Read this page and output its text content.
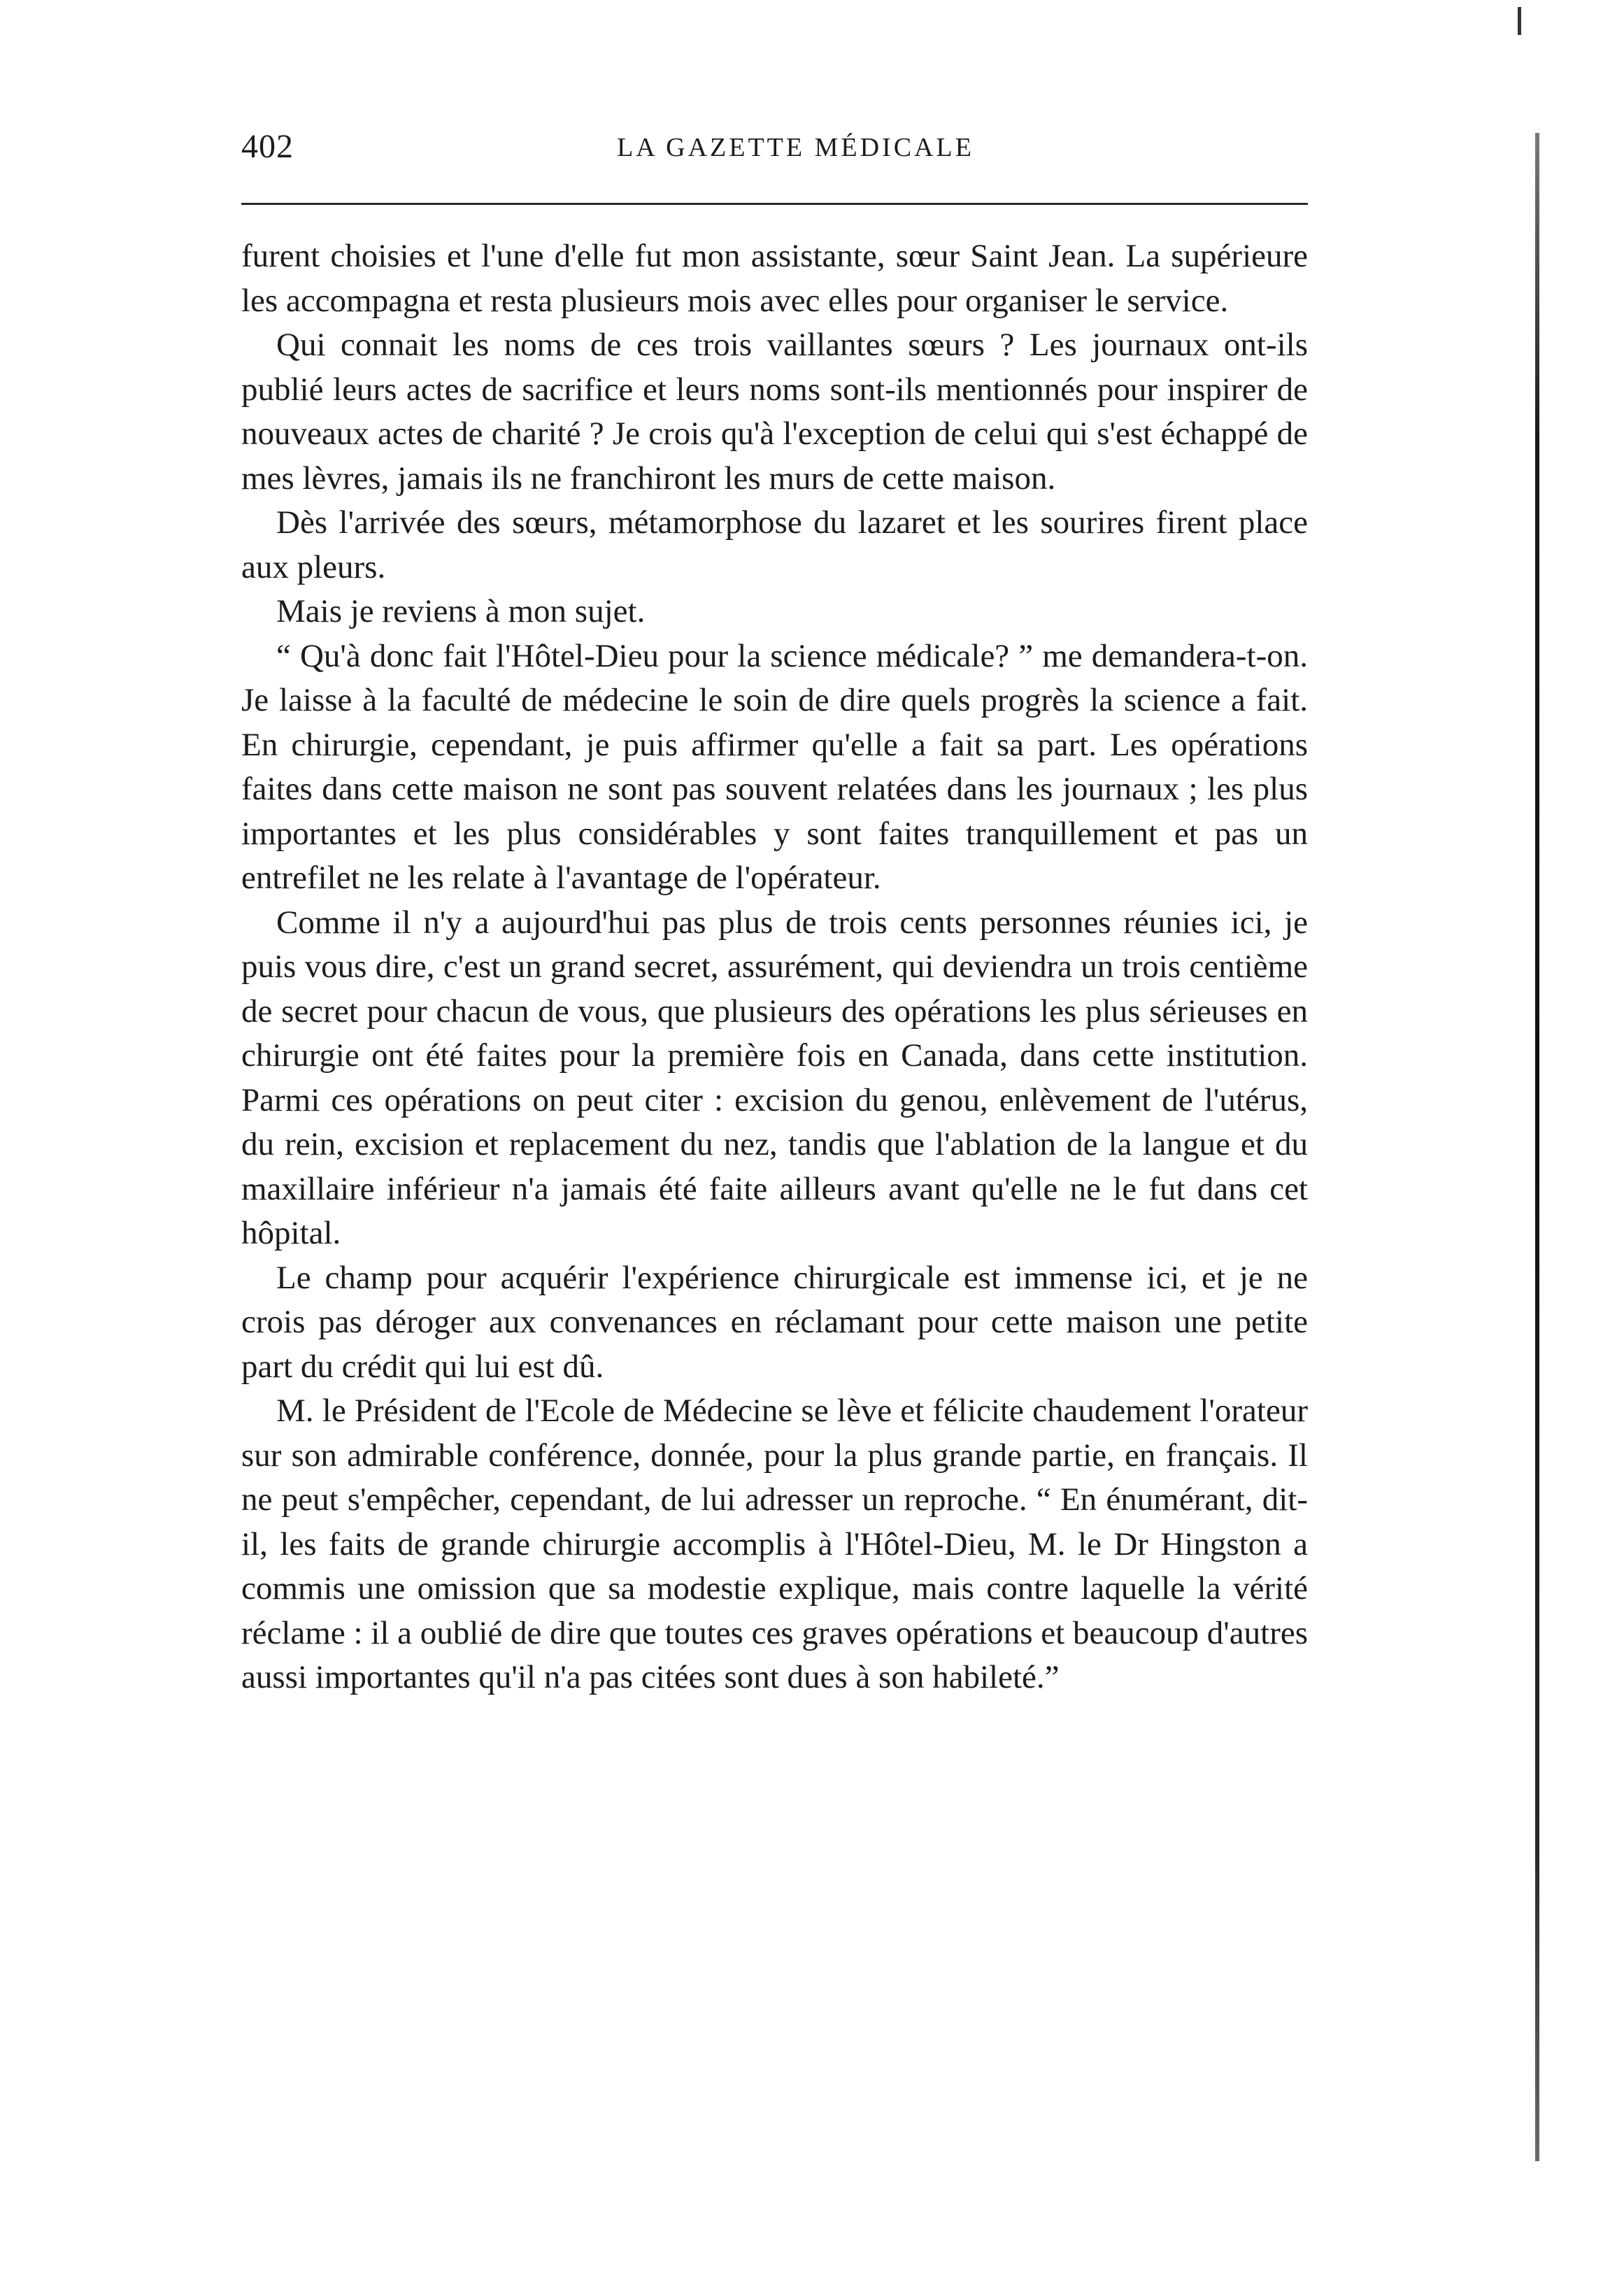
402	LA GAZETTE MÉDICALE

furent choisies et l'une d'elle fut mon assistante, sœur Saint Jean. La supérieure les accompagna et resta plusieurs mois avec elles pour organiser le service.

Qui connait les noms de ces trois vaillantes sœurs ? Les journaux ont-ils publié leurs actes de sacrifice et leurs noms sont-ils mentionnés pour inspirer de nouveaux actes de charité ? Je crois qu'à l'exception de celui qui s'est échappé de mes lèvres, jamais ils ne franchiront les murs de cette maison.

Dès l'arrivée des sœurs, métamorphose du lazaret et les sourires firent place aux pleurs.

Mais je reviens à mon sujet.

“ Qu'à donc fait l'Hôtel-Dieu pour la science médicale? ” me demandera-t-on. Je laisse à la faculté de médecine le soin de dire quels progrès la science a fait. En chirurgie, cependant, je puis affirmer qu'elle a fait sa part. Les opérations faites dans cette maison ne sont pas souvent relatées dans les journaux ; les plus importantes et les plus considérables y sont faites tranquillement et pas un entrefilet ne les relate à l'avantage de l'opérateur.

Comme il n'y a aujourd'hui pas plus de trois cents personnes réunies ici, je puis vous dire, c'est un grand secret, assurément, qui deviendra un trois centième de secret pour chacun de vous, que plusieurs des opérations les plus sérieuses en chirurgie ont été faites pour la première fois en Canada, dans cette institution. Parmi ces opérations on peut citer : excision du genou, enlèvement de l'utérus, du rein, excision et replacement du nez, tandis que l'ablation de la langue et du maxillaire inférieur n'a jamais été faite ailleurs avant qu'elle ne le fut dans cet hôpital.

Le champ pour acquérir l'expérience chirurgicale est immense ici, et je ne crois pas déroger aux convenances en réclamant pour cette maison une petite part du crédit qui lui est dû.

M. le Président de l'Ecole de Médecine se lève et félicite chaudement l'orateur sur son admirable conférence, donnée, pour la plus grande partie, en français. Il ne peut s'empêcher, cependant, de lui adresser un reproche. “ En énumérant, dit-il, les faits de grande chirurgie accomplis à l'Hôtel-Dieu, M. le Dr Hingston a commis une omission que sa modestie explique, mais contre laquelle la vérité réclame : il a oublié de dire que toutes ces graves opérations et beaucoup d'autres aussi importantes qu'il n'a pas citées sont dues à son habileté.”
